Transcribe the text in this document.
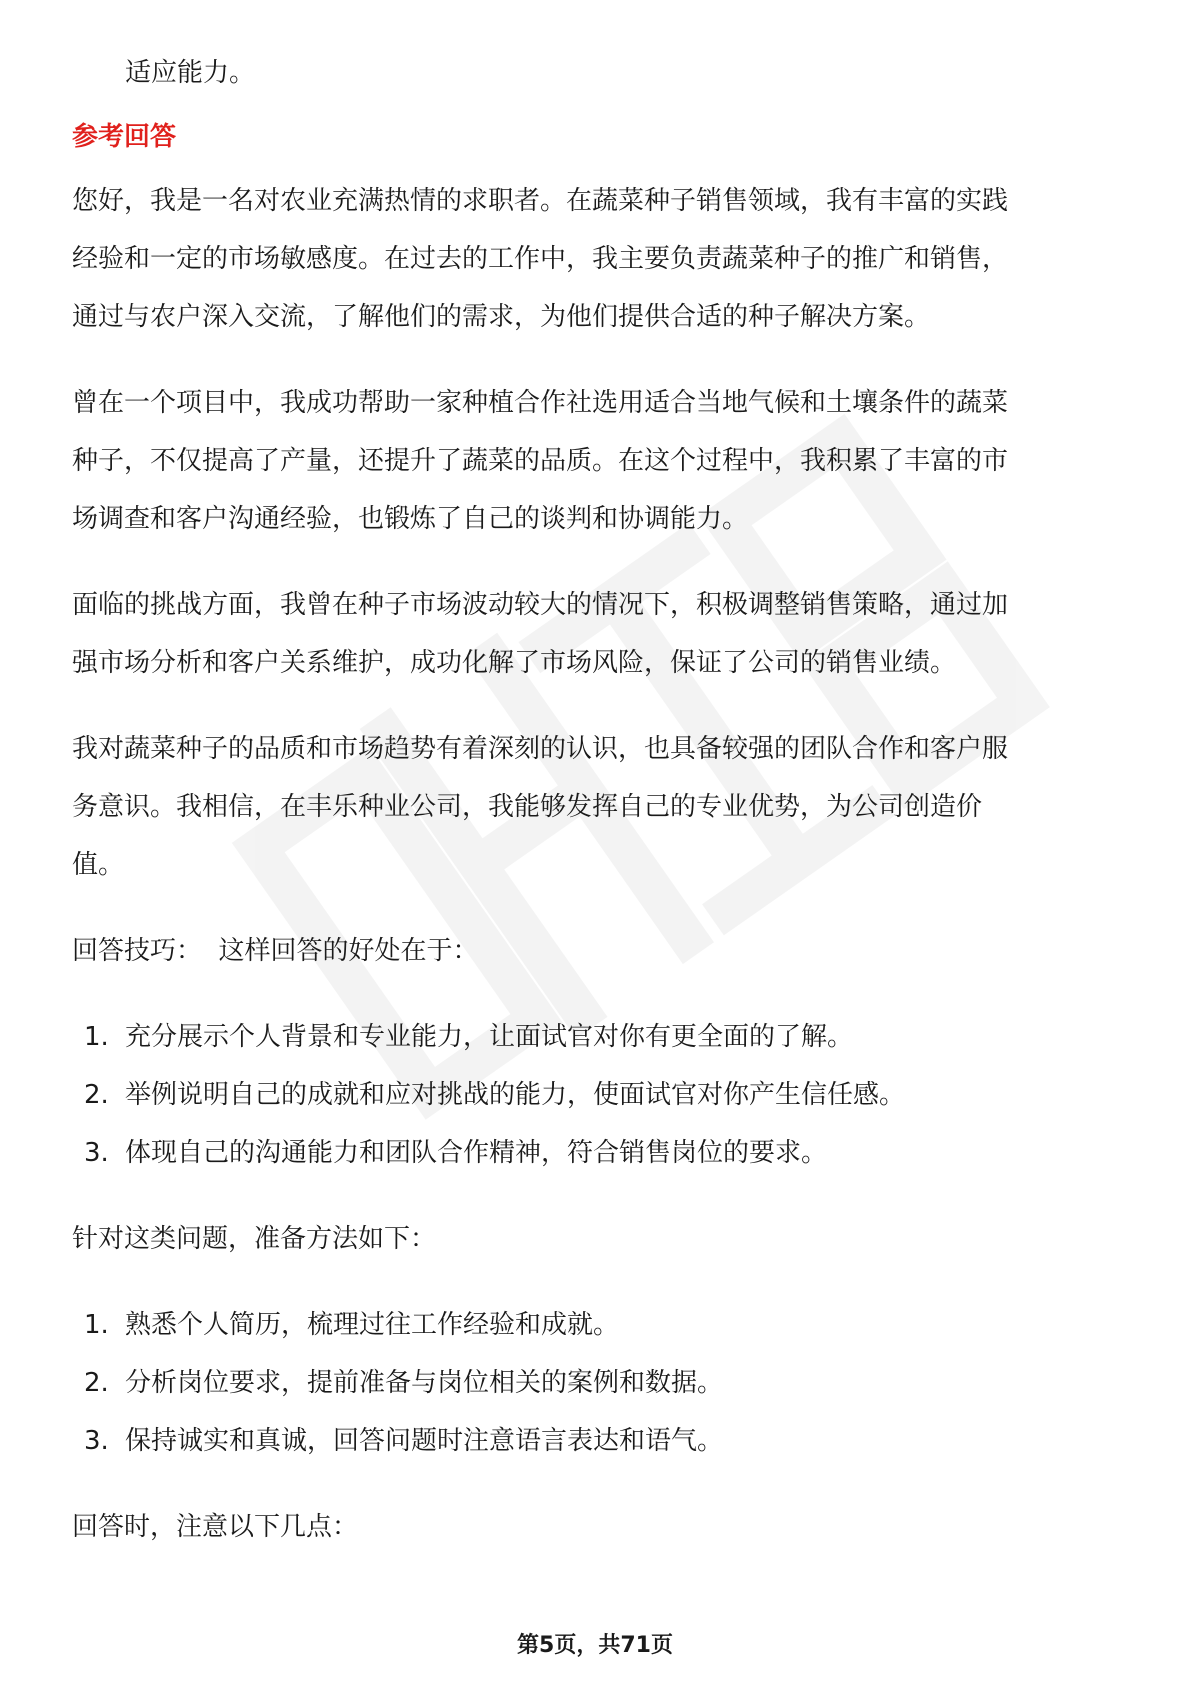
适应能力。

参考回答

您好，我是一名对农业充满热情的求职者。在蔬菜种子销售领域，我有丰富的实践

经验和一定的市场敏感度。在过去的工作中，我主要负责蔬菜种子的推广和销售，

通过与农户深入交流，了解他们的需求，为他们提供合适的种子解决方案。

曾在一个项目中，我成功帮助一家种植合作社选用适合当地气候和土壤条件的蔬菜

种子，不仅提高了产量，还提升了蔬菜的品质。在这个过程中，我积累了丰富的市

场调查和客户沟通经验，也锻炼了自己的谈判和协调能力。

面临的挑战方面，我曾在种子市场波动较大的情况下，积极调整销售策略，通过加

强市场分析和客户关系维护，成功化解了市场风险，保证了公司的销售业绩。

我对蔬菜种子的品质和市场趋势有着深刻的认识，也具备较强的团队合作和客户服

务意识。我相信，在丰乐种业公司，我能够发挥自己的专业优势，为公司创造价

值。

回答技巧：  这样回答的好处在于：

1. 充分展示个人背景和专业能力，让面试官对你有更全面的了解。
2. 举例说明自己的成就和应对挑战的能力，使面试官对你产生信任感。
3. 体现自己的沟通能力和团队合作精神，符合销售岗位的要求。

针对这类问题，准备方法如下：

1. 熟悉个人简历，梳理过往工作经验和成就。
2. 分析岗位要求，提前准备与岗位相关的案例和数据。
3. 保持诚实和真诚，回答问题时注意语言表达和语气。

回答时，注意以下几点：

第5页，共71页
